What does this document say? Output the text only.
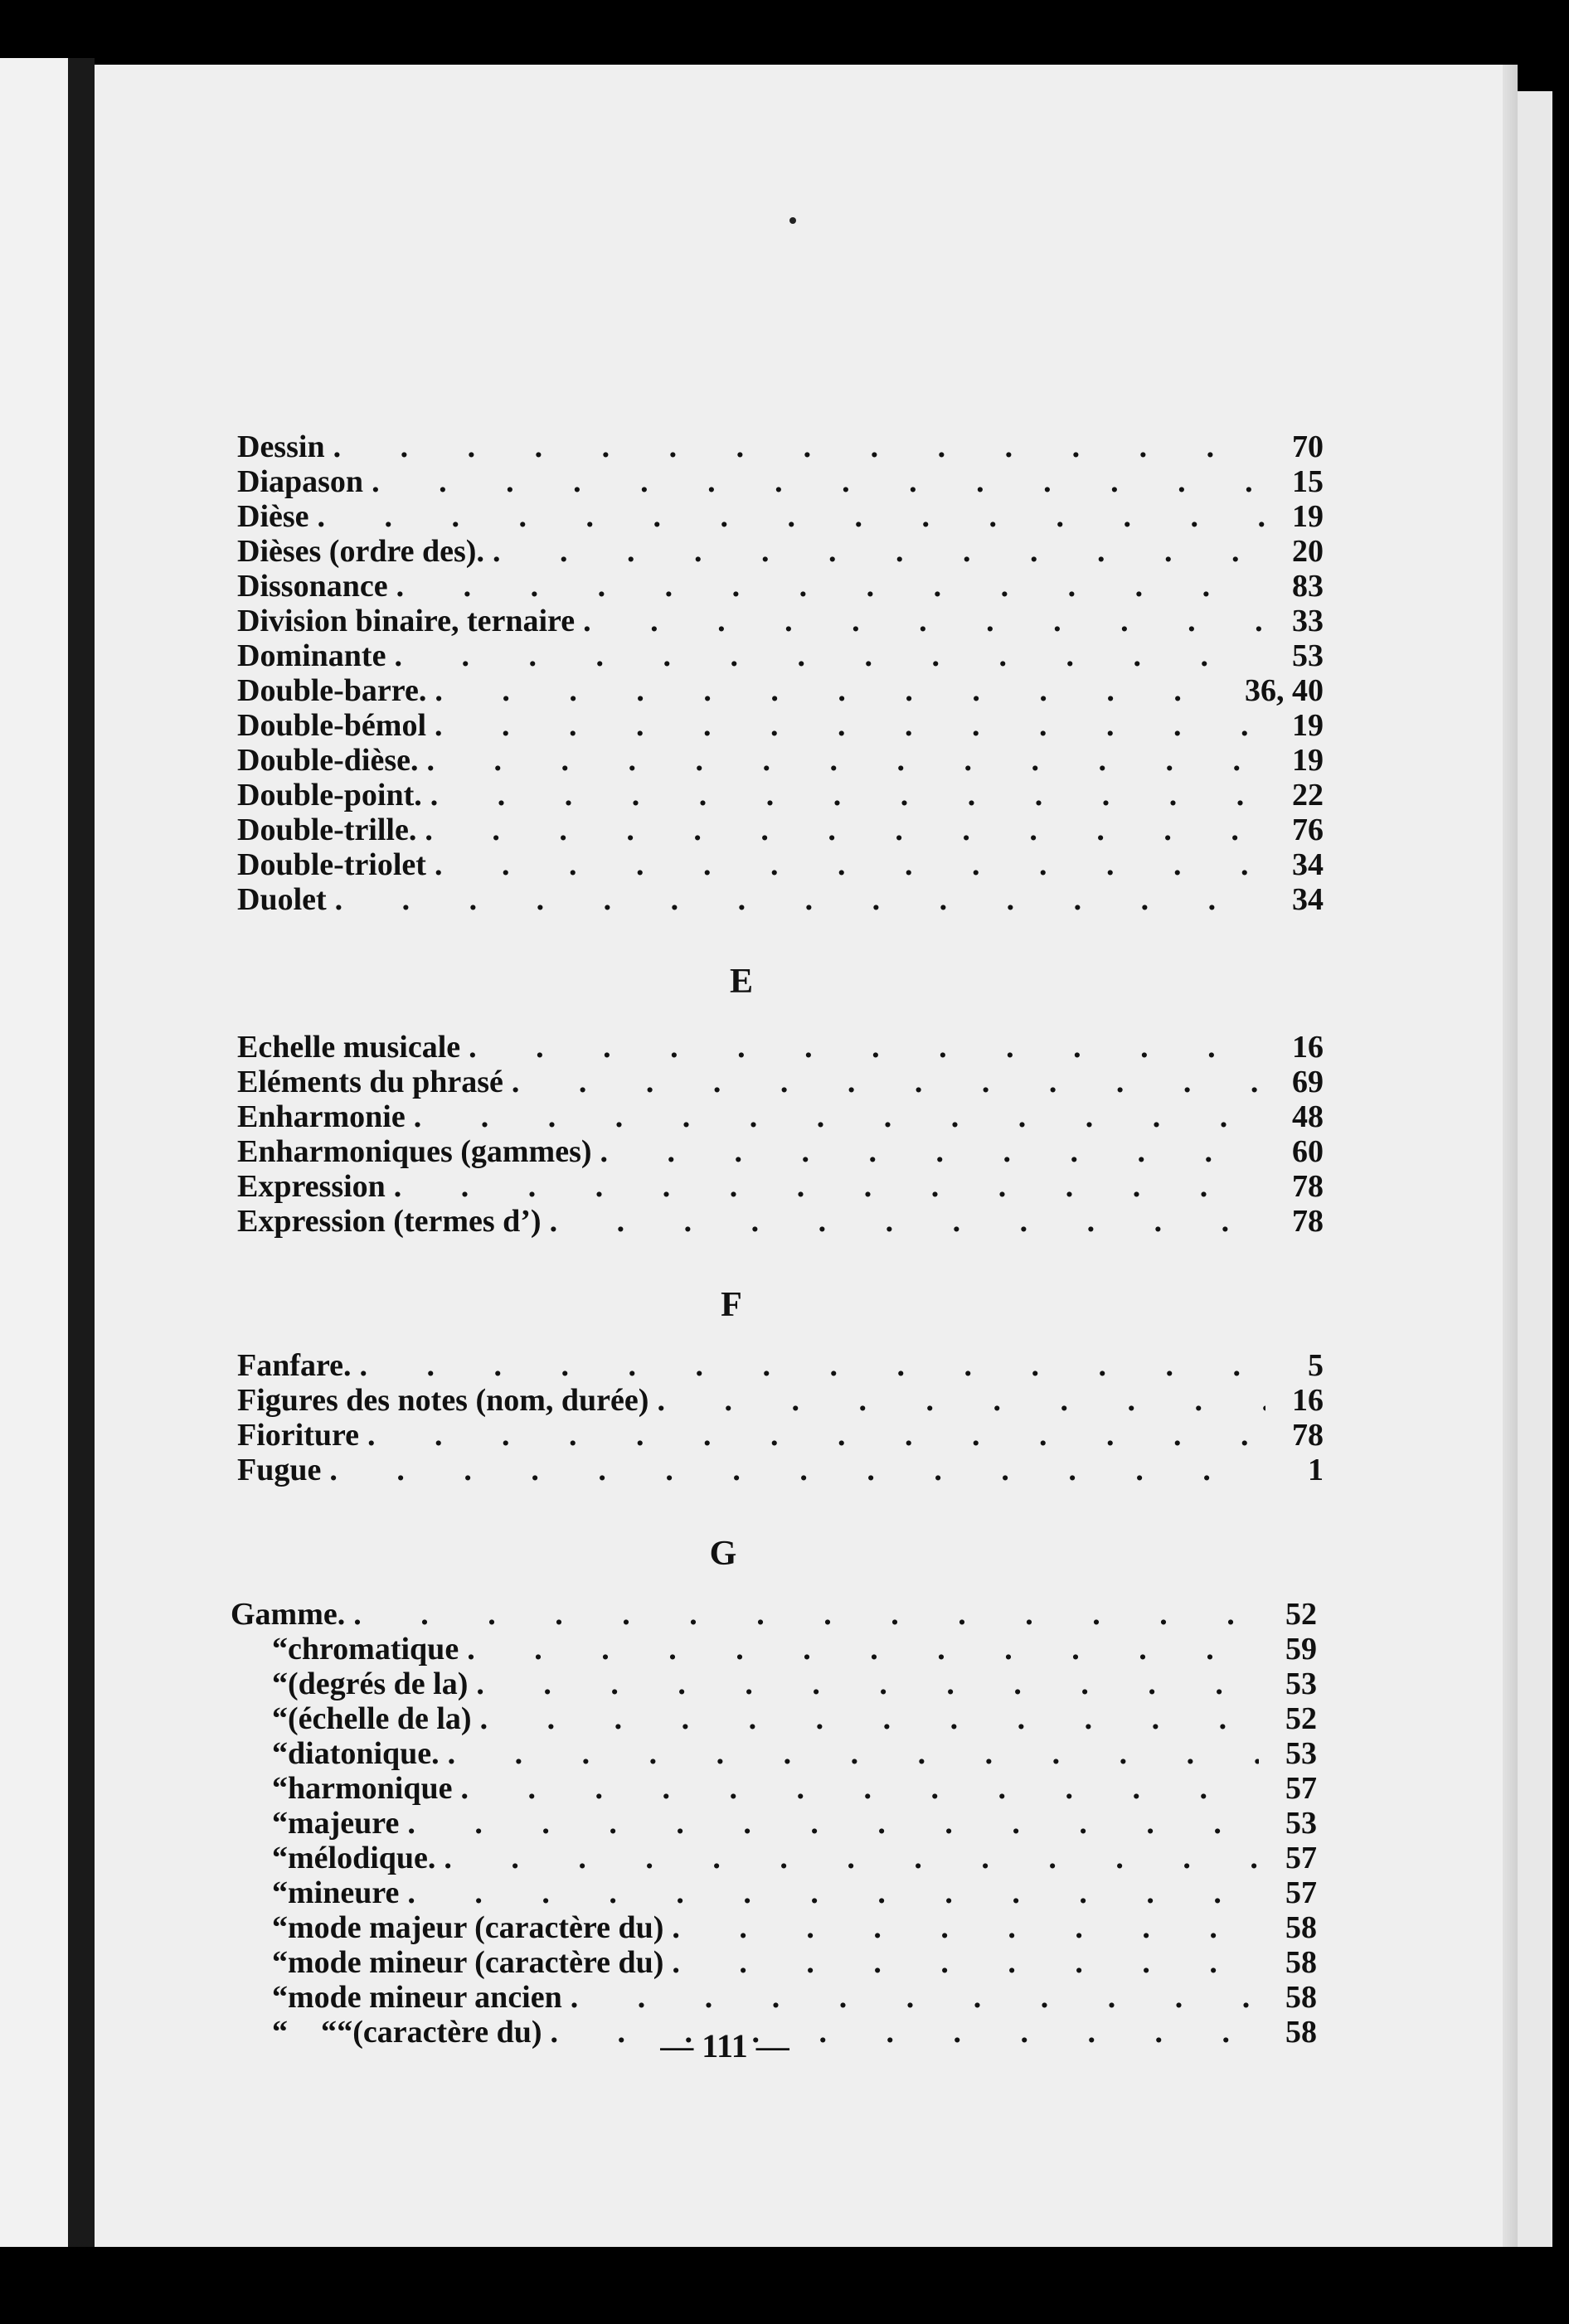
Dessin . . .	70
Diapason . . .	15
Dièse . . .	19
Dièses (ordre des). . . .	20
Dissonance . . .	83
Division binaire, ternaire . . .	33
Dominante . . .	53
Double-barre. . . .	36, 40
Double-bémol . . .	19
Double-dièse. . . .	19
Double-point. . . .	22
Double-trille. . . .	76
Double-triolet . . .	34
Duolet . . .	34
E
Echelle musicale . . .	16
Eléments du phrasé . . .	69
Enharmonie . . .	48
Enharmoniques (gammes) . . .	60
Expression . . .	78
Expression (termes d’) . . .	78
F
Fanfare. . . .	5
Figures des notes (nom, durée) . . .	16
Fioriture . . .	78
Fugue . . .	1
G
Gamme. . . .	52
“ chromatique . . .	59
“ (degrés de la) . . .	53
“ (échelle de la) . . .	52
“ diatonique. . . .	53
“ harmonique . . .	57
“ majeure . . .	53
“ mélodique. . . .	57
“ mineure . . .	57
“ mode majeur (caractère du) . . .	58
“ mode mineur (caractère du) . . .	58
“ mode mineur ancien . . .	58
“	“ “ (caractère du) . . .	58
— 111 —
